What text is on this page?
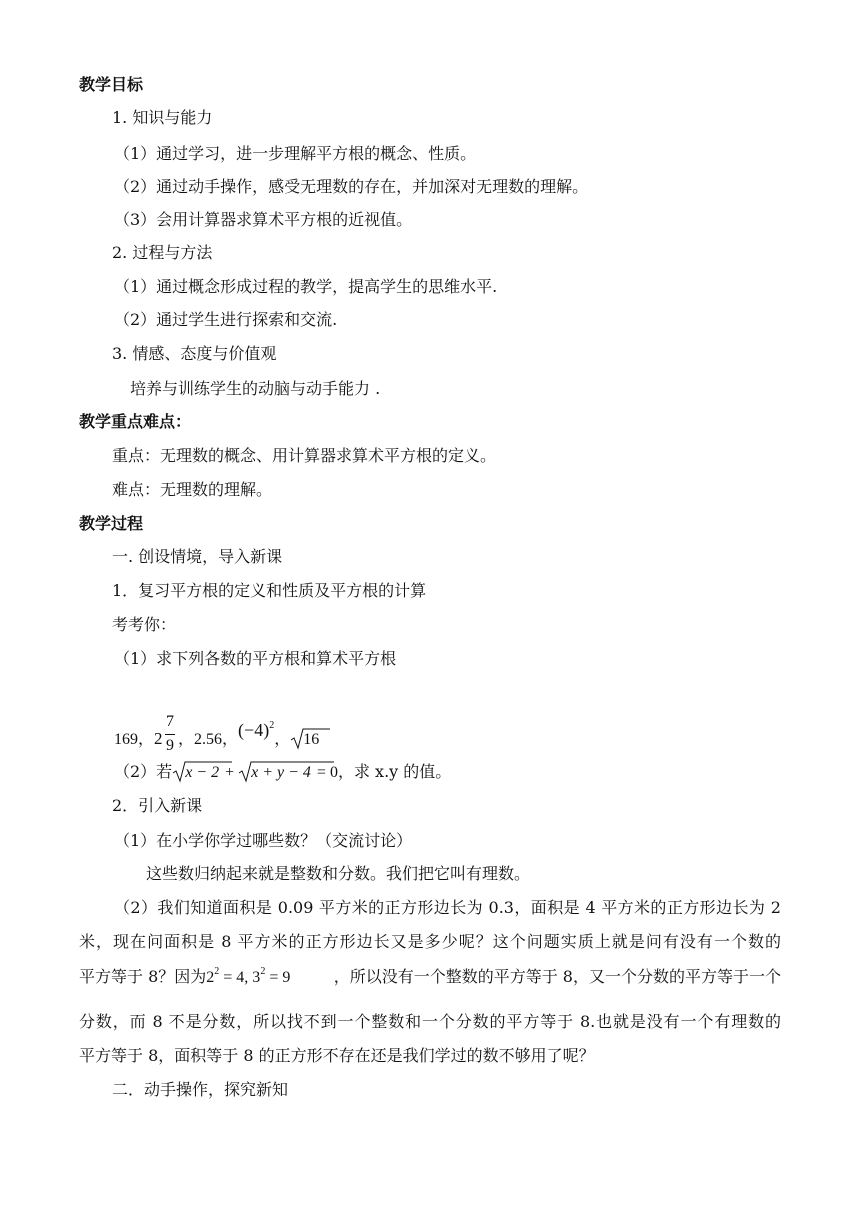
教学目标
1. 知识与能力
（1）通过学习，进一步理解平方根的概念、性质。
（2）通过动手操作，感受无理数的存在，并加深对无理数的理解。
（3）会用计算器求算术平方根的近视值。
2. 过程与方法
（1）通过概念形成过程的教学，提高学生的思维水平.
（2）通过学生进行探索和交流.
3. 情感、态度与价值观
培养与训练学生的动脑与动手能力 .
教学重点难点：
重点：无理数的概念、用计算器求算术平方根的定义。
难点：无理数的理解。
教学过程
一. 创设情境，导入新课
1．复习平方根的定义和性质及平方根的计算
考考你：
（1）求下列各数的平方根和算术平方根
169， 2
7
9 ，2.56，$(-4)^2$， 16
（2）若 x − 2 +
x + y − 4 = 0，求 x.y 的值。
2．引入新课
（1）在小学你学过哪些数？（交流讨论）
这些数归纳起来就是整数和分数。我们把它叫有理数。
（2）我们知道面积是 0.09 平方米的正方形边长为 0.3，面积是 4 平方米的正方形边长为 2
米，现在问面积是 8 平方米的正方形边长又是多少呢？这个问题实质上就是问有没有一个数的
平方等于 8？因为$2^2 = 4$, $3^2 = 9$	，所以没有一个整数的平方等于 8，又一个分数的平方等于一个
分数，而 8 不是分数，所以找不到一个整数和一个分数的平方等于 8.也就是没有一个有理数的
平方等于 8，面积等于 8 的正方形不存在还是我们学过的数不够用了呢？
二．动手操作，探究新知
